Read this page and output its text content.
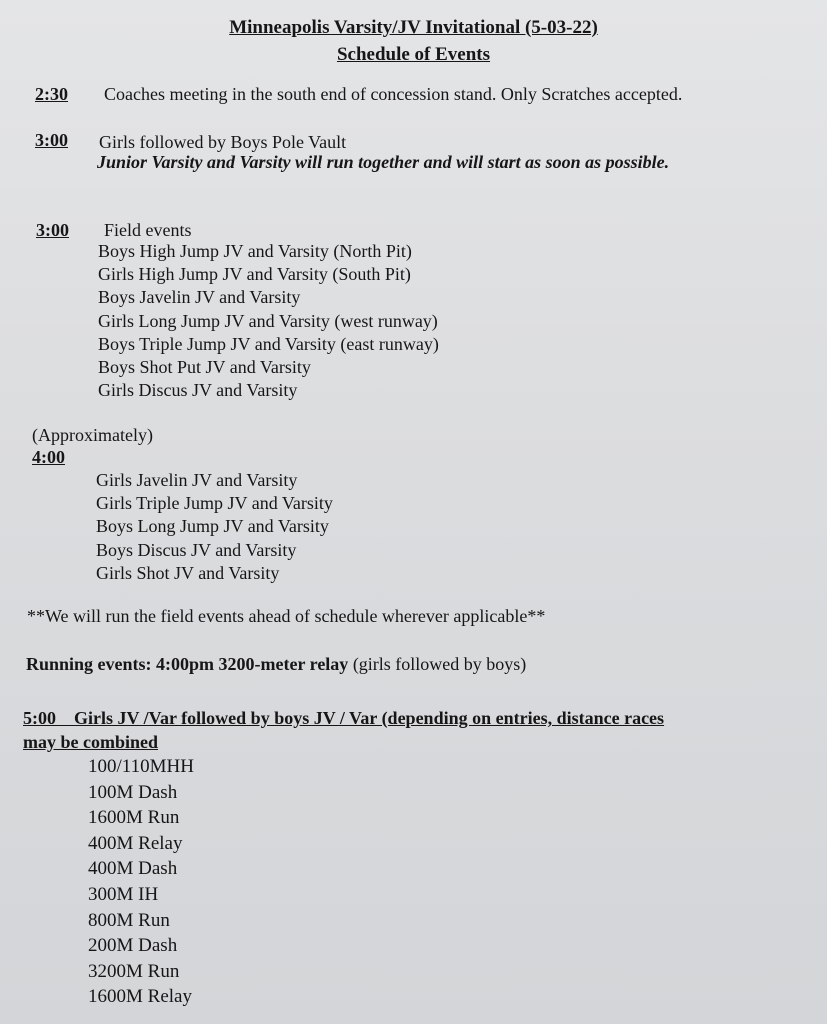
Minneapolis Varsity/JV Invitational (5-03-22)
Schedule of Events
2:30 Coaches meeting in the south end of concession stand. Only Scratches accepted.
3:00 Girls followed by Boys Pole Vault
Junior Varsity and Varsity will run together and will start as soon as possible.
3:00 Field events
Boys High Jump JV and Varsity (North Pit)
Girls High Jump JV and Varsity (South Pit)
Boys Javelin JV and Varsity
Girls Long Jump JV and Varsity (west runway)
Boys Triple Jump JV and Varsity (east runway)
Boys Shot Put JV and Varsity
Girls Discus JV and Varsity
(Approximately)
4:00
Girls Javelin JV and Varsity
Girls Triple Jump JV and Varsity
Boys Long Jump JV and Varsity
Boys Discus JV and Varsity
Girls Shot JV and Varsity
**We will run the field events ahead of schedule wherever applicable**
Running events: 4:00pm 3200-meter relay (girls followed by boys)
5:00 Girls JV /Var followed by boys JV / Var (depending on entries, distance races
may be combined
100/110MHH
100M Dash
1600M Run
400M Relay
400M Dash
300M IH
800M Run
200M Dash
3200M Run
1600M Relay
